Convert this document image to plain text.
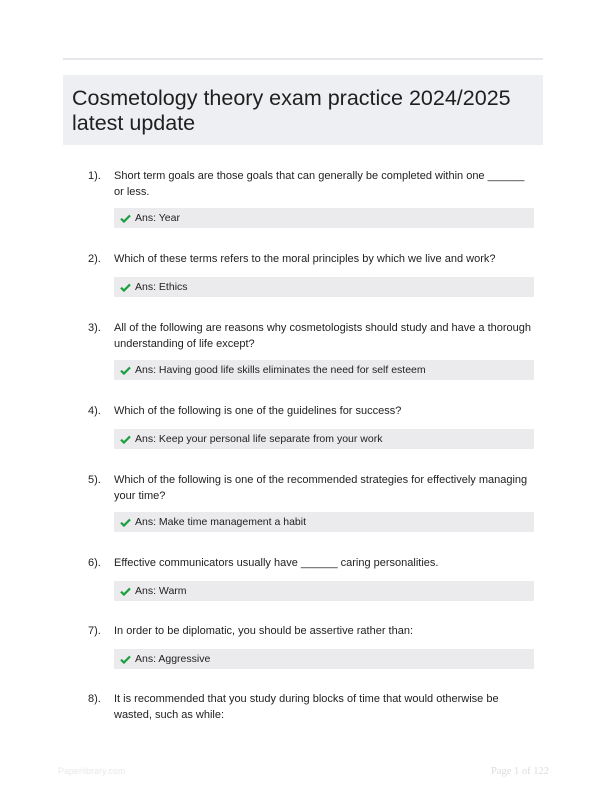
Cosmetology theory exam practice 2024/2025 latest update
1). Short term goals are those goals that can generally be completed within one ______ or less.
Ans: Year
2). Which of these terms refers to the moral principles by which we live and work?
Ans: Ethics
3). All of the following are reasons why cosmetologists should study and have a thorough understanding of life except?
Ans: Having good life skills eliminates the need for self esteem
4). Which of the following is one of the guidelines for success?
Ans: Keep your personal life separate from your work
5). Which of the following is one of the recommended strategies for effectively managing your time?
Ans: Make time management a habit
6). Effective communicators usually have ______ caring personalities.
Ans: Warm
7). In order to be diplomatic, you should be assertive rather than:
Ans: Aggressive
8). It is recommended that you study during blocks of time that would otherwise be wasted, such as while:
Paperlibrary.com	Page 1 of 122
